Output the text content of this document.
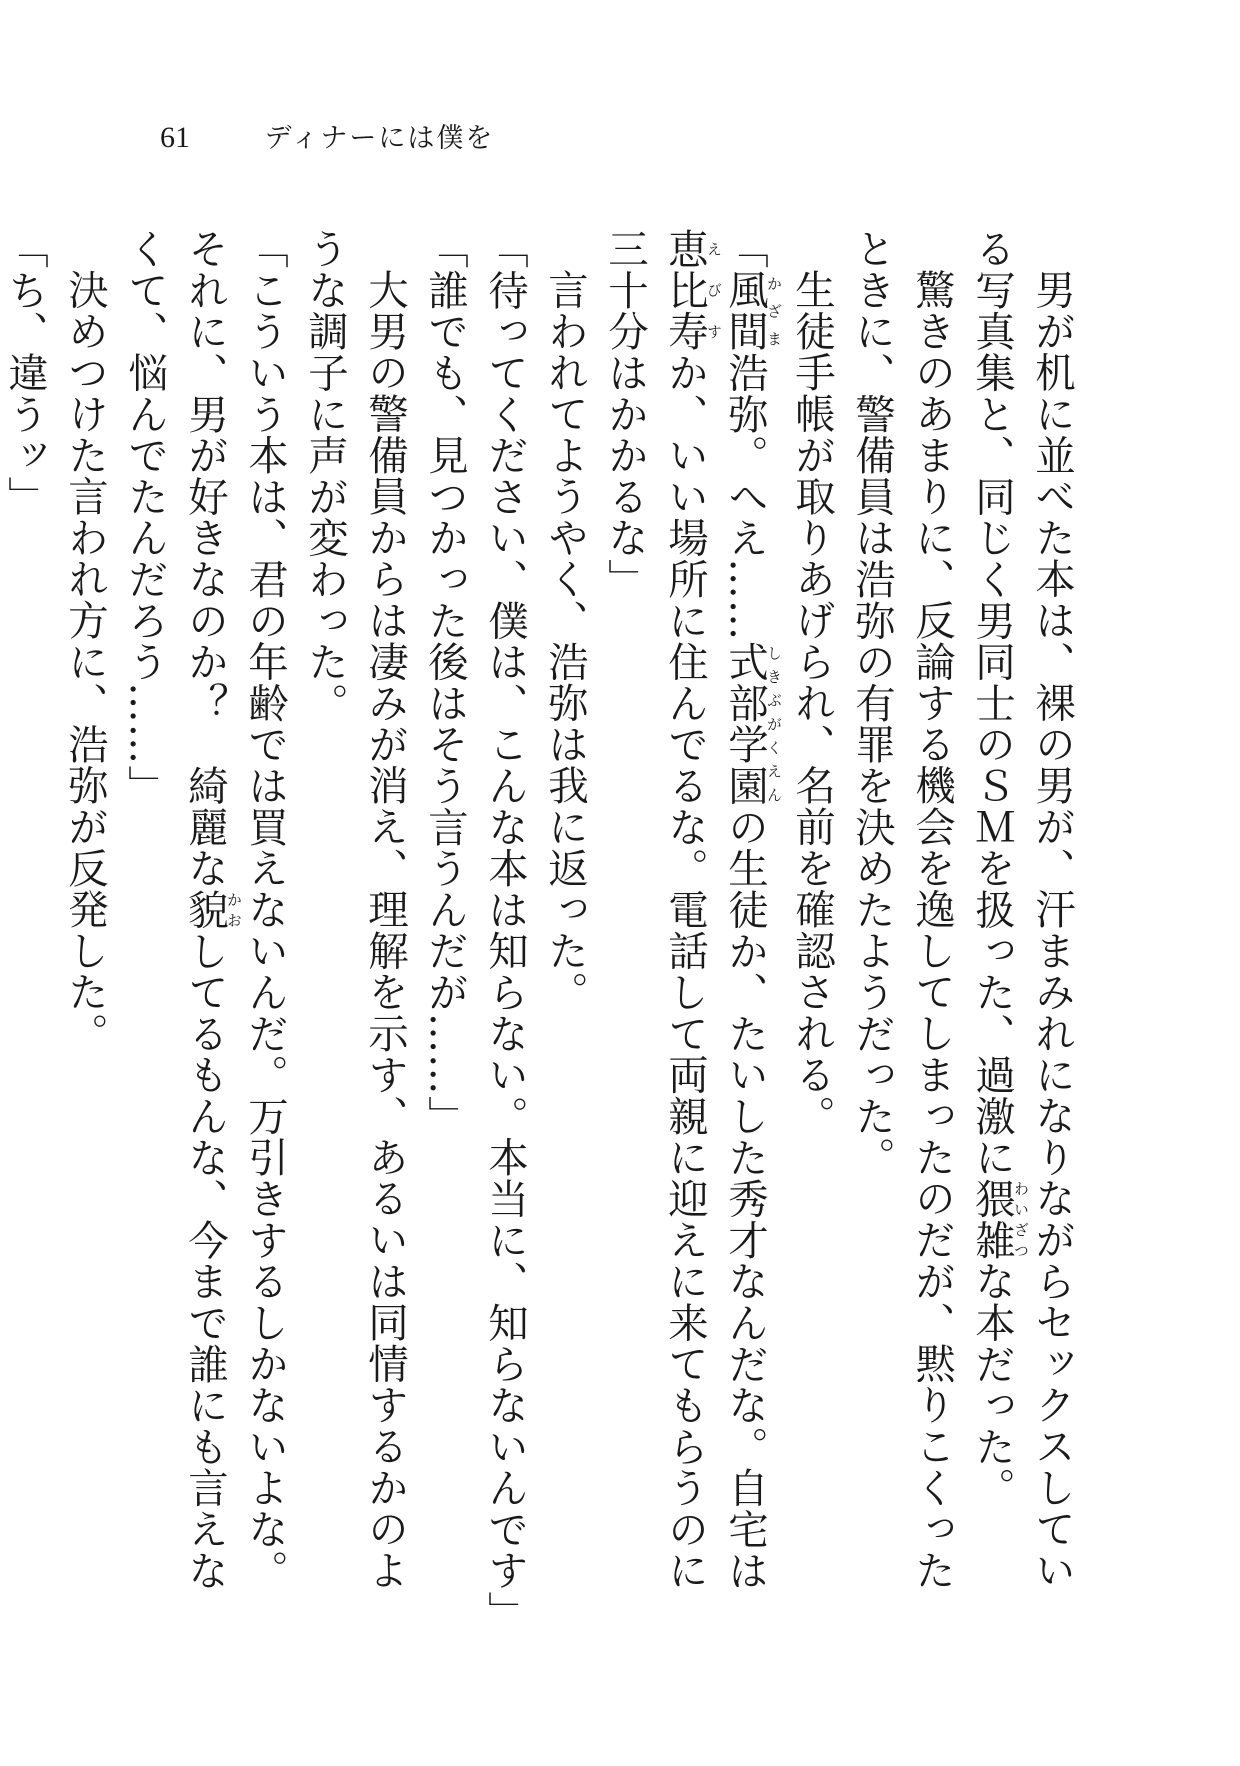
61	ディナーには僕を

男が机に並べた本は、裸の男が、汗まみれになりながらセックスしている写真集と、同じく男同士のＳＭを扱った、過激に猥雑わいざつな本だった。

驚きのあまりに、反論する機会を逸してしまったのだが、黙りこくったときに、警備員は浩弥の有罪を決めたようだった。

生徒手帳が取りあげられ、名前を確認される。

「風間かざま浩弥。へえ……式部学園しきぶがくえんの生徒か、たいした秀才なんだな。自宅は恵比寿えびすか、いい場所に住んでるな。電話して両親に迎えに来てもらうのに三十分はかかるな」

言われてようやく、浩弥は我に返った。

「待ってください、僕は、こんな本は知らない。本当に、知らないんです」

「誰でも、見つかった後はそう言うんだが……」

大男の警備員からは凄みが消え、理解を示す、あるいは同情するかのような調子に声が変わった。

「こういう本は、君の年齢では買えないんだ。万引きするしかないよな。それに、男が好きなのか？　綺麗な貌かおしてるもんな、今まで誰にも言えなくて、悩んでたんだろう……」

決めつけた言われ方に、浩弥が反発した。

「ち、違うッ」
